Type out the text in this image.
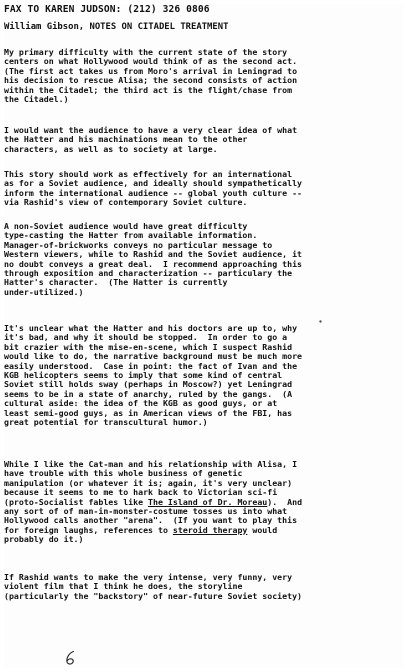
FAX TO KAREN JUDSON: (212) 326 0806
William Gibson, NOTES ON CITADEL TREATMENT
My primary difficulty with the current state of the story
centers on what Hollywood would think of as the second act.
(The first act takes us from Moro's arrival in Leningrad to
his decision to rescue Alisa; the second consists of action
within the Citadel; the third act is the flight/chase from
the Citadel.)
I would want the audience to have a very clear idea of what
the Hatter and his machinations mean to the other
characters, as well as to society at large.
This story should work as effectively for an international
as for a Soviet audience, and ideally should sympathetically
inform the international audience -- global youth culture --
via Rashid's view of contemporary Soviet culture.
A non-Soviet audience would have great difficulty
type-casting the Hatter from available information.
Manager-of-brickworks conveys no particular message to
Western viewers, while to Rashid and the Soviet audience, it
no doubt conveys a great deal.  I recommend approaching this
through exposition and characterization -- particulary the
Hatter's character.  (The Hatter is currently
under-utilized.)
It's unclear what the Hatter and his doctors are up to, why
it's bad, and why it should be stopped.  In order to go a
bit crazier with the mise-en-scene, which I suspect Rashid
would like to do, the narrative background must be much more
easily understood.  Case in point: the fact of Ivan and the
KGB helicopters seems to imply that some kind of central
Soviet still holds sway (perhaps in Moscow?) yet Leningrad
seems to be in a state of anarchy, ruled by the gangs.  (A
cultural aside: the idea of the KGB as good guys, or at
least semi-good guys, as in American views of the FBI, has
great potential for transcultural humor.)
While I like the Cat-man and his relationship with Alisa, I
have trouble with this whole business of genetic
manipulation (or whatever it is; again, it's very unclear)
because it seems to me to hark back to Victorian sci-fi
(proto-Socialist fables like The Island of Dr. Moreau).  And
any sort of of man-in-monster-costume tosses us into what
Hollywood calls another "arena".  (If you want to play this
for foreign laughs, references to steroid therapy would
probably do it.)
If Rashid wants to make the very intense, very funny, very
violent film that I think he does, the storyline
(particularly the "backstory" of near-future Soviet society)
